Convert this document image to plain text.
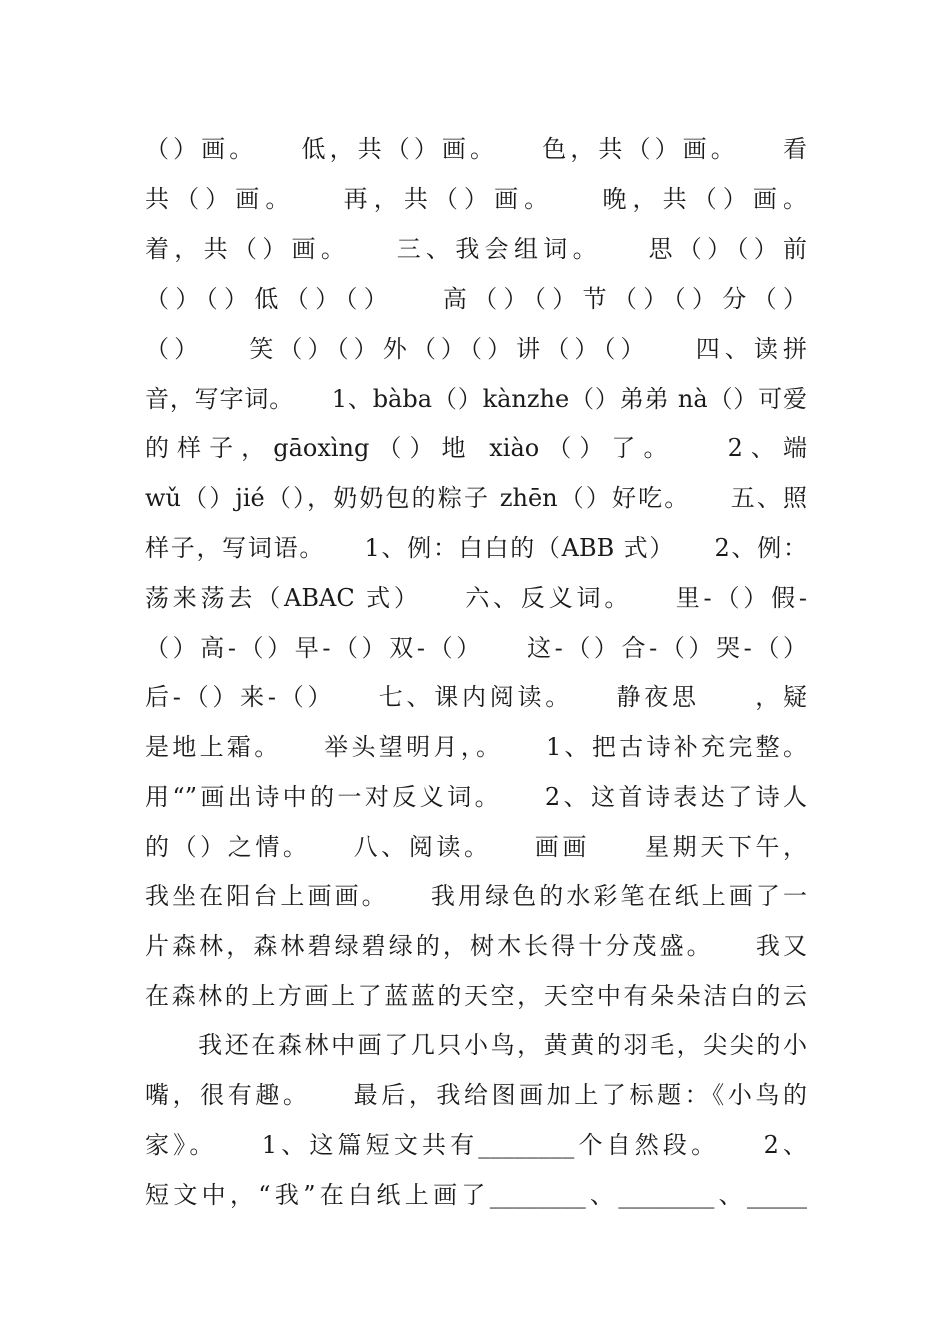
（）画。　　低，共（）画。　　色，共（）画。　　看
共（）画。　　再，共（）画。　　晚，共（）画。
着，共（）画。　　三、我会组词。　　思（）（）前
（）（）低（）（）　　高（）（）节（）（）分（）
（）　　笑（）（）外（）（）讲（）（）　　四、读拼
音，写字词。　　1、bàba（）kànzhe（）弟弟 nà（）可爱
的样子，gāoxìng（）地 xiào（）了。　　2、端
wǔ（）jié（），奶奶包的粽子 zhēn（）好吃。　　五、照
样子，写词语。　　1、例：白白的（ABB 式）　　2、例：
荡来荡去（ABAC 式）　　六、反义词。　　里-（）假-
（）高-（）早-（）双-（）　　这-（）合-（）哭-（）
后-（）来-（）　　七、课内阅读。　　静夜思　　，疑
是地上霜。　　举头望明月，。　　1、把古诗补充完整。
用“”画出诗中的一对反义词。　　2、这首诗表达了诗人
的（）之情。　　八、阅读。　　画画　　星期天下午，
我坐在阳台上画画。　　我用绿色的水彩笔在纸上画了一
片森林，森林碧绿碧绿的，树木长得十分茂盛。　　我又
在森林的上方画上了蓝蓝的天空，天空中有朵朵洁白的云
　　我还在森林中画了几只小鸟，黄黄的羽毛，尖尖的小
嘴，很有趣。　　最后，我给图画加上了标题：《小鸟的
家》。　　1、这篇短文共有________个自然段。　　2、
短文中，“我”在白纸上画了________、________、_____
